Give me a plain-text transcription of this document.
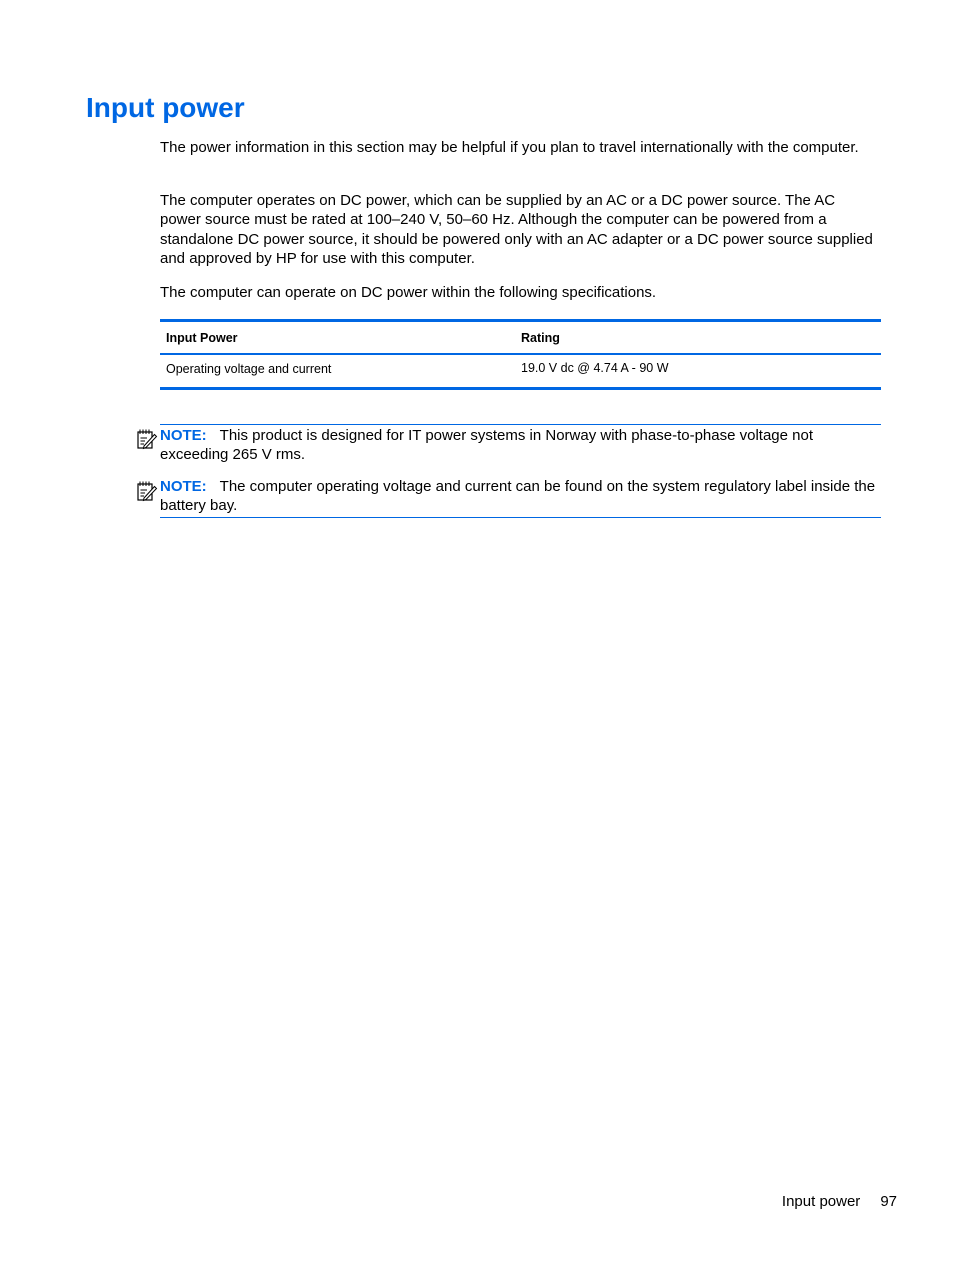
Input power

The power information in this section may be helpful if you plan to travel internationally with the computer.

The computer operates on DC power, which can be supplied by an AC or a DC power source. The AC power source must be rated at 100–240 V, 50–60 Hz. Although the computer can be powered from a standalone DC power source, it should be powered only with an AC adapter or a DC power source supplied and approved by HP for use with this computer.

The computer can operate on DC power within the following specifications.

Input Power	Rating
Operating voltage and current	19.0 V dc @ 4.74 A - 90 W
NOTE: This product is designed for IT power systems in Norway with phase-to-phase voltage not exceeding 265 V rms.
NOTE: The computer operating voltage and current can be found on the system regulatory label inside the battery bay.
Input power 97
